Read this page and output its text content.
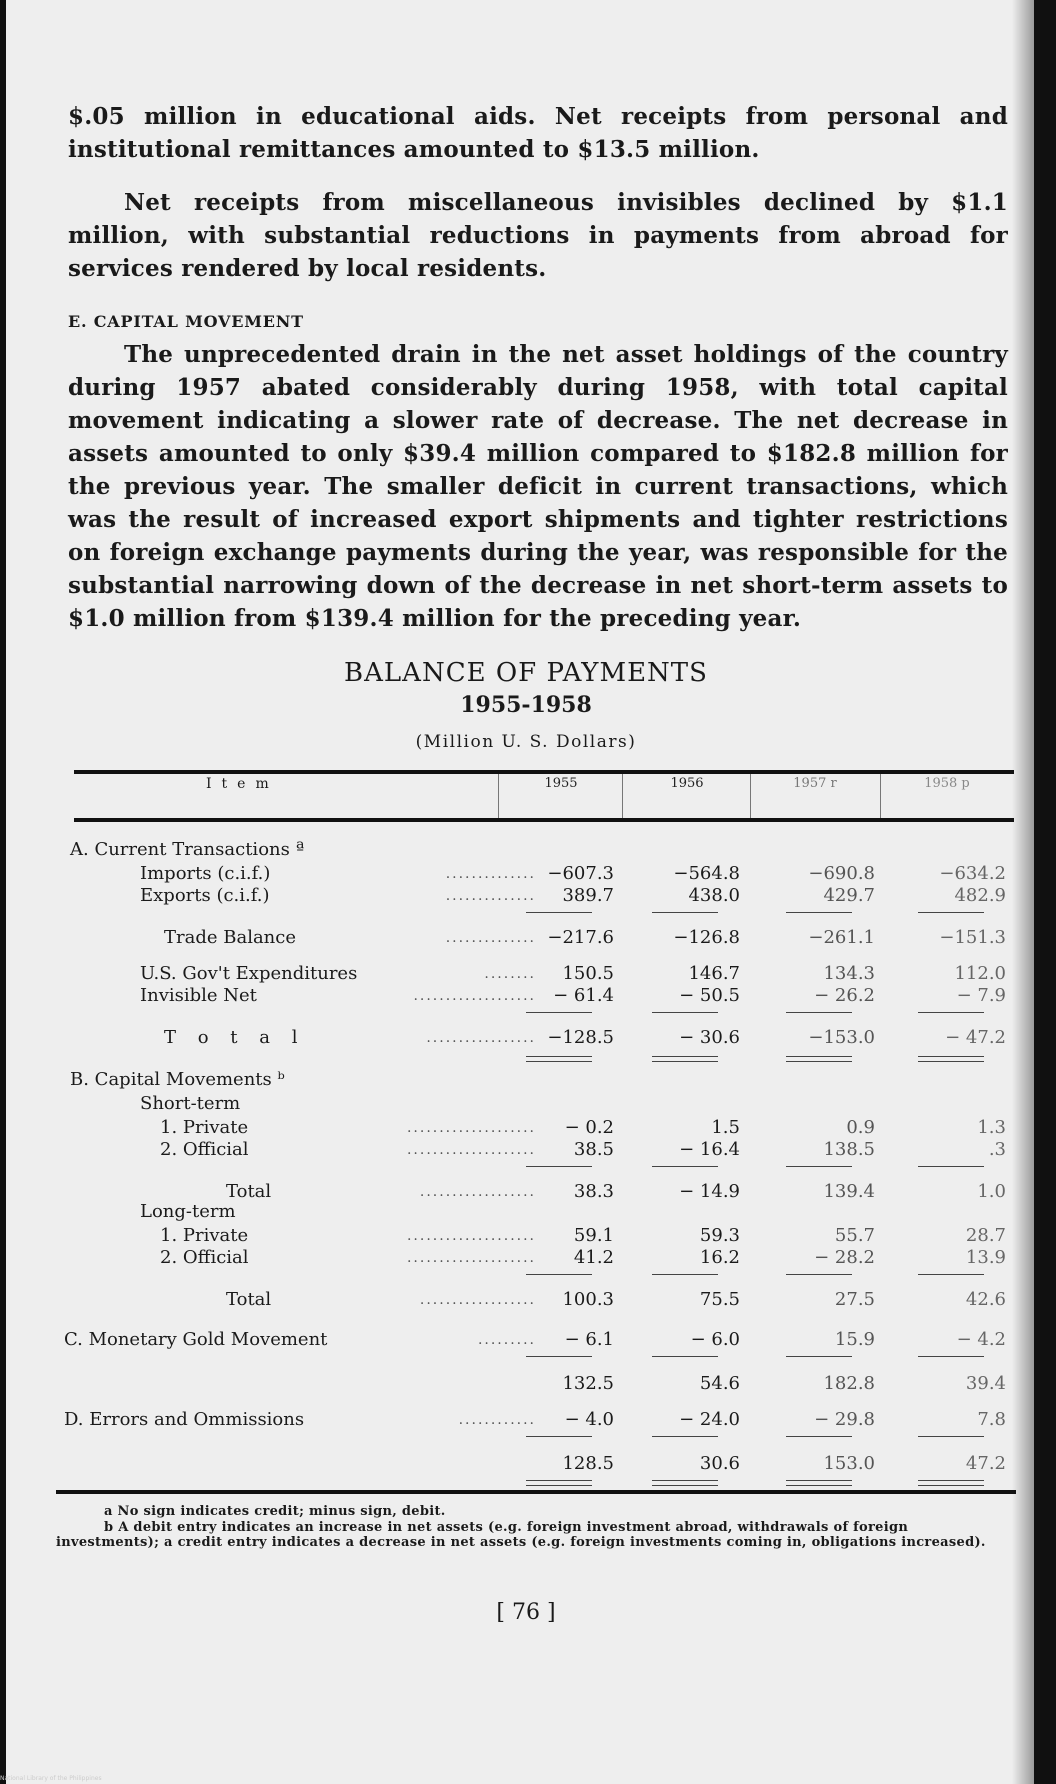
$.05 million in educational aids. Net receipts from personal and institutional remittances amounted to $13.5 million.

Net receipts from miscellaneous invisibles declined by $1.1 million, with substantial reductions in payments from abroad for services rendered by local residents.

E. CAPITAL MOVEMENT

The unprecedented drain in the net asset holdings of the country during 1957 abated considerably during 1958, with total capital movement indicating a slower rate of decrease. The net decrease in assets amounted to only $39.4 million compared to $182.8 million for the previous year. The smaller deficit in current transactions, which was the result of increased export shipments and tighter restrictions on foreign exchange payments during the year, was responsible for the substantial narrowing down of the decrease in net short-term assets to $1.0 million from $139.4 million for the preceding year.

BALANCE OF PAYMENTS
1955-1958
(Million U. S. Dollars)
Item	1955	1956	1957 r	1958 p
A. Current Transactions ª
Imports (c.i.f.)	.............. −607.3	−564.8	−690.8	−634.2
Exports (c.i.f.)	..............	389.7	438.0	429.7	482.9
Trade Balance	.............. −217.6	−126.8	−261.1	−151.3
U.S. Gov't Expenditures	........	150.5	146.7	134.3	112.0
Invisible Net	................... − 61.4	− 50.5	− 26.2	− 7.9
T o t a l	................. −128.5	− 30.6	−153.0	− 47.2
B. Capital Movements ᵇ
Short-term
1. Private	....................	− 0.2	1.5	0.9	1.3
2. Official	....................	38.5	− 16.4	138.5	.3
Total	..................	38.3	− 14.9	139.4	1.0
Long-term
1. Private	....................	59.1	59.3	55.7	28.7
2. Official	....................	41.2	16.2	− 28.2	13.9
Total	..................	100.3	75.5	27.5	42.6
C. Monetary Gold Movement	.........	− 6.1	− 6.0	15.9	− 4.2
132.5	54.6	182.8	39.4
D. Errors and Ommissions	............	− 4.0	− 24.0	− 29.8	7.8
128.5	30.6	153.0	47.2

a No sign indicates credit; minus sign, debit.

b A debit entry indicates an increase in net assets (e.g. foreign investment abroad, withdrawals of foreign investments); a credit entry indicates a decrease in net assets (e.g. foreign investments coming in, obligations increased).

[ 76 ]
National Library of the Philippines
